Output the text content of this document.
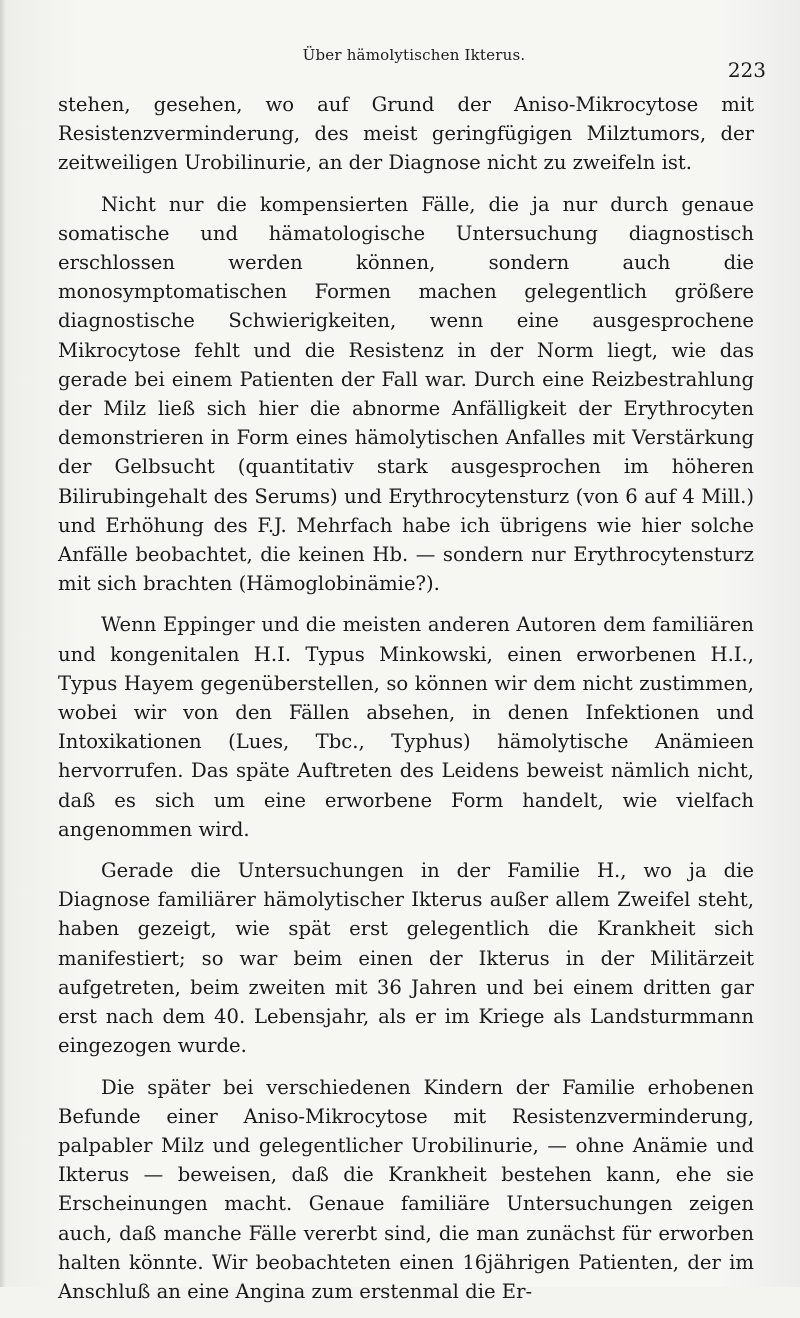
Über hämolytischen Ikterus.
223

stehen, gesehen, wo auf Grund der Aniso-Mikrocytose mit Resistenzverminderung, des meist geringfügigen Milztumors, der zeitweiligen Urobilinurie, an der Diagnose nicht zu zweifeln ist.

Nicht nur die kompensierten Fälle, die ja nur durch genaue somatische und hämatologische Untersuchung diagnostisch erschlossen werden können, sondern auch die monosymptomatischen Formen machen gelegentlich größere diagnostische Schwierigkeiten, wenn eine ausgesprochene Mikrocytose fehlt und die Resistenz in der Norm liegt, wie das gerade bei einem Patienten der Fall war. Durch eine Reizbestrahlung der Milz ließ sich hier die abnorme Anfälligkeit der Erythrocyten demonstrieren in Form eines hämolytischen Anfalles mit Verstärkung der Gelbsucht (quantitativ stark ausgesprochen im höheren Bilirubingehalt des Serums) und Erythrocytensturz (von 6 auf 4 Mill.) und Erhöhung des F.J. Mehrfach habe ich übrigens wie hier solche Anfälle beobachtet, die keinen Hb. — sondern nur Erythrocytensturz mit sich brachten (Hämoglobinämie?).

Wenn Eppinger und die meisten anderen Autoren dem familiären und kongenitalen H.I. Typus Minkowski, einen erworbenen H.I., Typus Hayem gegenüberstellen, so können wir dem nicht zustimmen, wobei wir von den Fällen absehen, in denen Infektionen und Intoxikationen (Lues, Tbc., Typhus) hämolytische Anämieen hervorrufen. Das späte Auftreten des Leidens beweist nämlich nicht, daß es sich um eine erworbene Form handelt, wie vielfach angenommen wird.

Gerade die Untersuchungen in der Familie H., wo ja die Diagnose familiärer hämolytischer Ikterus außer allem Zweifel steht, haben gezeigt, wie spät erst gelegentlich die Krankheit sich manifestiert; so war beim einen der Ikterus in der Militärzeit aufgetreten, beim zweiten mit 36 Jahren und bei einem dritten gar erst nach dem 40. Lebensjahr, als er im Kriege als Landsturmmann eingezogen wurde.

Die später bei verschiedenen Kindern der Familie erhobenen Befunde einer Aniso-Mikrocytose mit Resistenzverminderung, palpabler Milz und gelegentlicher Urobilinurie, — ohne Anämie und Ikterus — beweisen, daß die Krankheit bestehen kann, ehe sie Erscheinungen macht. Genaue familiäre Untersuchungen zeigen auch, daß manche Fälle vererbt sind, die man zunächst für erworben halten könnte. Wir beobachteten einen 16jährigen Patienten, der im Anschluß an eine Angina zum erstenmal die Er-
